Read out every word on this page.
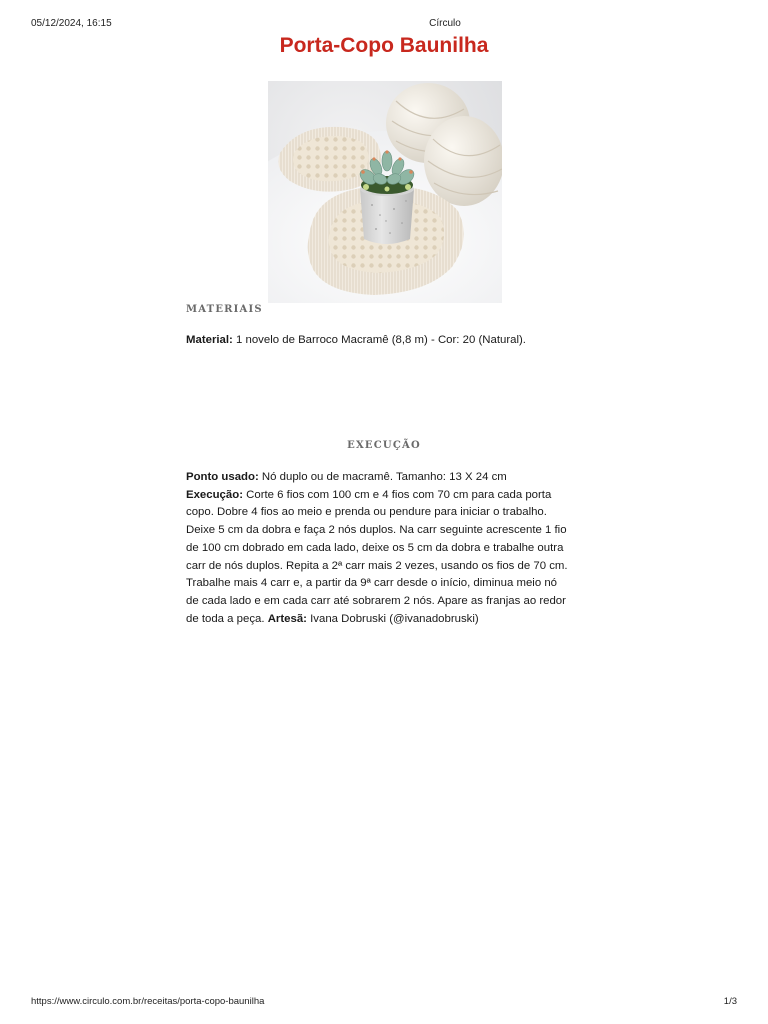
05/12/2024, 16:15	Círculo
Porta-Copo Baunilha
MATERIAIS
Material: 1 novelo de Barroco Macramê (8,8 m) - Cor: 20 (Natural).
EXECUÇÃO
Ponto usado: Nó duplo ou de macramê. Tamanho: 13 X 24 cm
Execução: Corte 6 fios com 100 cm e 4 fios com 70 cm para cada porta copo. Dobre 4 fios ao meio e prenda ou pendure para iniciar o trabalho. Deixe 5 cm da dobra e faça 2 nós duplos. Na carr seguinte acrescente 1 fio de 100 cm dobrado em cada lado, deixe os 5 cm da dobra e trabalhe outra carr de nós duplos. Repita a 2ª carr mais 2 vezes, usando os fios de 70 cm. Trabalhe mais 4 carr e, a partir da 9ª carr desde o início, diminua meio nó de cada lado e em cada carr até sobrarem 2 nós. Apare as franjas ao redor de toda a peça. Artesã: Ivana Dobruski (@ivanadobruski)
https://www.circulo.com.br/receitas/porta-copo-baunilha	1/3
